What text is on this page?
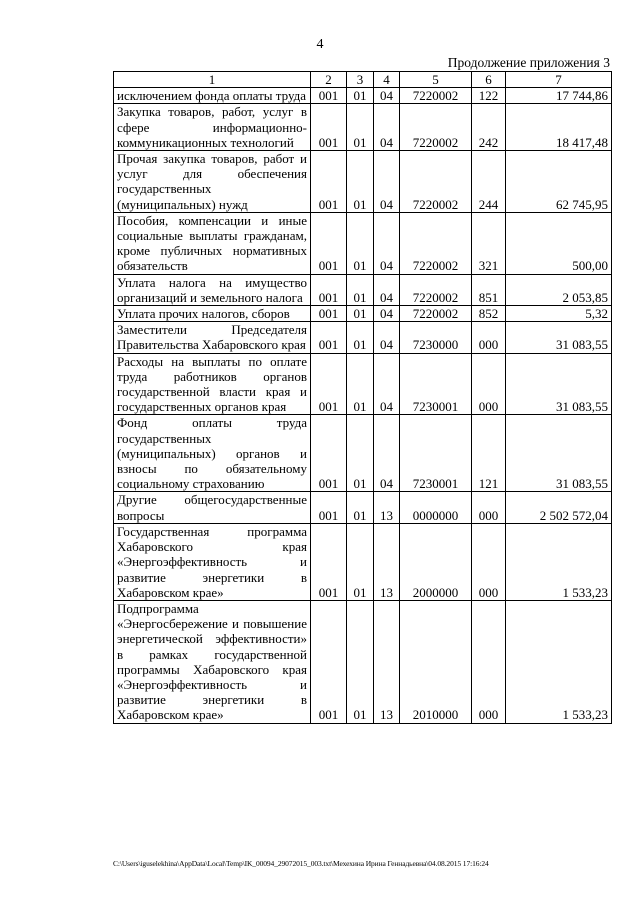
4
Продолжение приложения 3
1	2	3	4	5	6	7
исключением фонда оплаты труда	001	01	04	7220002	122	17 744,86
Закупка товаров, работ, услуг в сфере информационно-коммуникационных технологий	001	01	04	7220002	242	18 417,48
Прочая закупка товаров, работ и услуг для обеспечения государственных (муниципальных) нужд	001	01	04	7220002	244	62 745,95
Пособия, компенсации и иные социальные выплаты гражданам, кроме публичных нормативных обязательств	001	01	04	7220002	321	500,00
Уплата налога на имущество организаций и земельного налога	001	01	04	7220002	851	2 053,85
Уплата прочих налогов, сборов	001	01	04	7220002	852	5,32
Заместители Председателя Правительства Хабаровского края	001	01	04	7230000	000	31 083,55
Расходы на выплаты по оплате труда работников органов государственной власти края и государственных органов края	001	01	04	7230001	000	31 083,55
Фонд оплаты труда государственных (муниципальных) органов и взносы по обязательному социальному страхованию	001	01	04	7230001	121	31 083,55
Другие общегосударственные вопросы	001	01	13	0000000	000	2 502 572,04
Государственная программа Хабаровского края «Энергоэффективность и развитие энергетики в Хабаровском крае»	001	01	13	2000000	000	1 533,23
Подпрограмма «Энергосбережение и повышение энергетической эффективности» в рамках государственной программы Хабаровского края «Энергоэффективность и развитие энергетики в Хабаровском крае»	001	01	13	2010000	000	1 533,23
C:\Users\iguselekhina\AppData\Local\Temp\IK_00094_29072015_003.txt\Мехехина Ирина Геннадьевна\04.08.2015 17:16:24
